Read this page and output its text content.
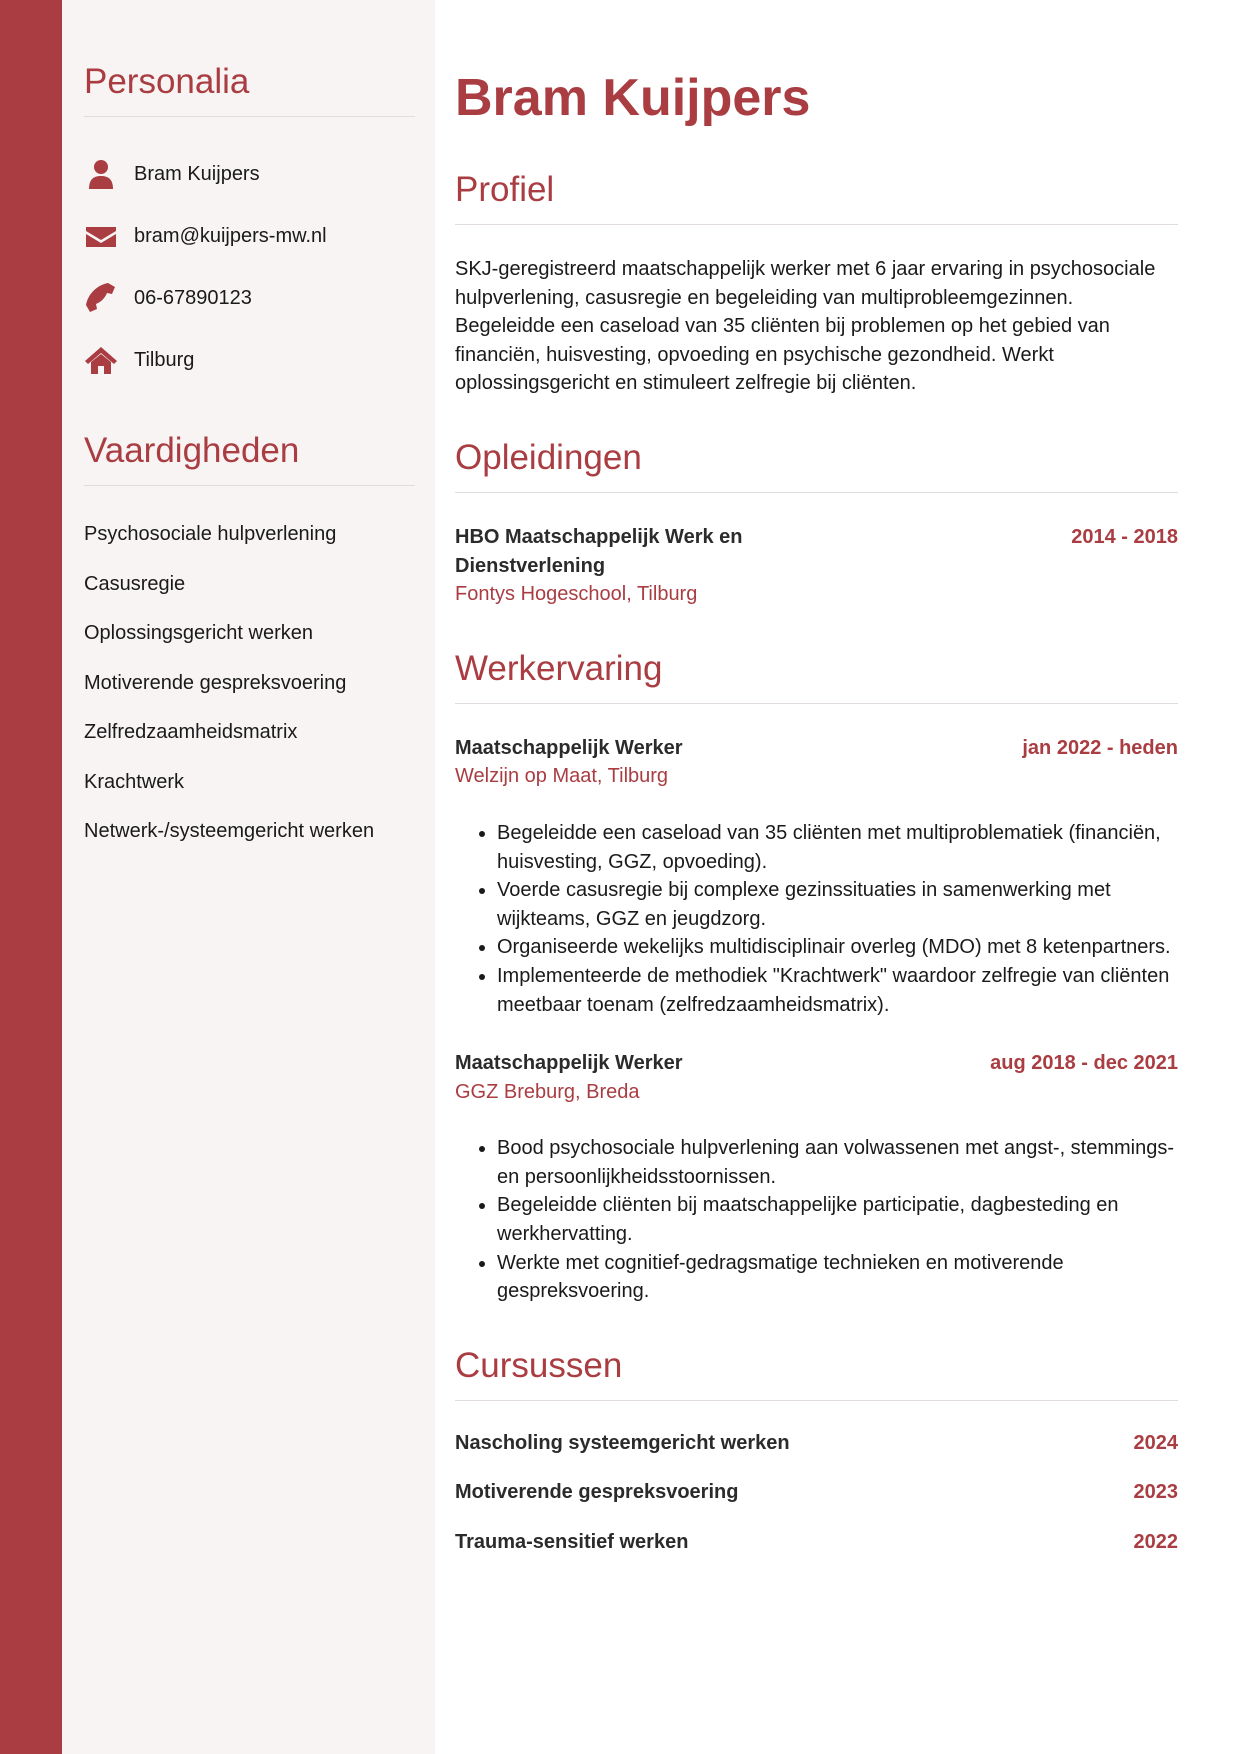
Personalia
Bram Kuijpers
bram@kuijpers-mw.nl
06-67890123
Tilburg
Vaardigheden
Psychosociale hulpverlening
Casusregie
Oplossingsgericht werken
Motiverende gespreksvoering
Zelfredzaamheidsmatrix
Krachtwerk
Netwerk-/systeemgericht werken
Bram Kuijpers
Profiel
SKJ-geregistreerd maatschappelijk werker met 6 jaar ervaring in psychosociale hulpverlening, casusregie en begeleiding van multiprobleemgezinnen. Begeleidde een caseload van 35 cliënten bij problemen op het gebied van financiën, huisvesting, opvoeding en psychische gezondheid. Werkt oplossingsgericht en stimuleert zelfregie bij cliënten.
Opleidingen
HBO Maatschappelijk Werk en Dienstverlening
2014 - 2018
Fontys Hogeschool, Tilburg
Werkervaring
Maatschappelijk Werker	jan 2022 - heden
Welzijn op Maat, Tilburg
• Begeleidde een caseload van 35 cliënten met multiproblematiek (financiën, huisvesting, GGZ, opvoeding).
• Voerde casusregie bij complexe gezinssituaties in samenwerking met wijkteams, GGZ en jeugdzorg.
• Organiseerde wekelijks multidisciplinair overleg (MDO) met 8 ketenpartners.
• Implementeerde de methodiek "Krachtwerk" waardoor zelfregie van cliënten meetbaar toenam (zelfredzaamheidsmatrix).
Maatschappelijk Werker	aug 2018 - dec 2021
GGZ Breburg, Breda
• Bood psychosociale hulpverlening aan volwassenen met angst-, stemmings- en persoonlijkheidsstoornissen.
• Begeleidde cliënten bij maatschappelijke participatie, dagbesteding en werkhervatting.
• Werkte met cognitief-gedragsmatige technieken en motiverende gespreksvoering.
Cursussen
Nascholing systeemgericht werken	2024
Motiverende gespreksvoering	2023
Trauma-sensitief werken	2022
